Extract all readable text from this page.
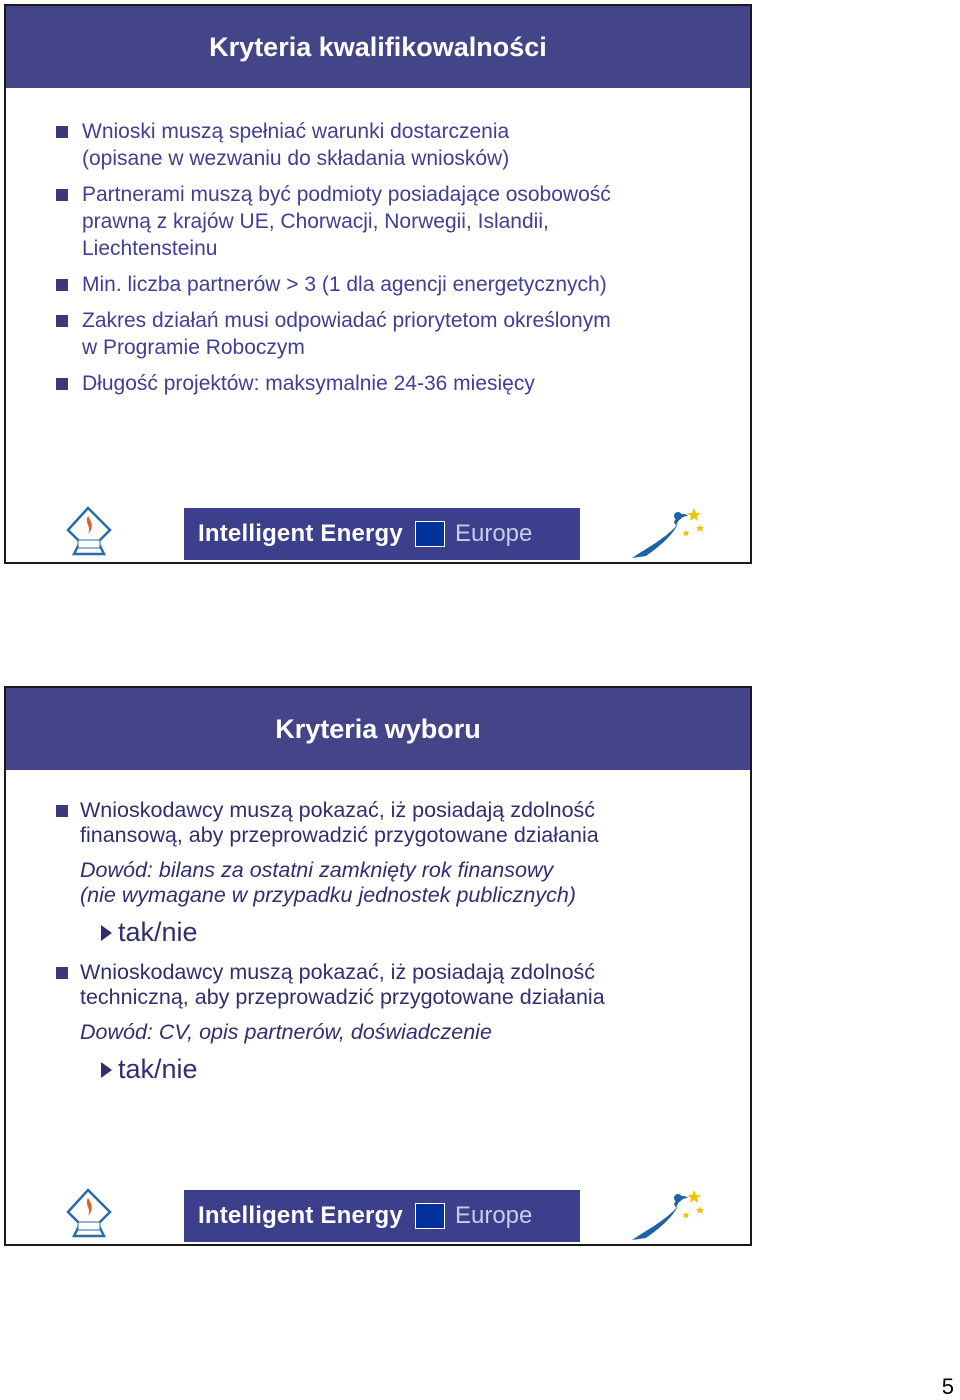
Kryteria kwalifikowalności
Wnioski muszą spełniać warunki dostarczenia
(opisane w wezwaniu do składania wniosków)
Partnerami muszą być podmioty posiadające osobowość
prawną z krajów UE, Chorwacji, Norwegii, Islandii,
Liechtensteinu
Min. liczba partnerów > 3 (1 dla agencji energetycznych)
Zakres działań musi odpowiadać priorytetom określonym
w Programie Roboczym
Długość projektów: maksymalnie 24-36 miesięcy
Intelligent Energy Europe
Kryteria wyboru
Wnioskodawcy muszą pokazać, iż posiadają zdolność
finansową, aby przeprowadzić przygotowane działania
Dowód: bilans za ostatni zamknięty rok finansowy
(nie wymagane w przypadku jednostek publicznych)
tak/nie
Wnioskodawcy muszą pokazać, iż posiadają zdolność
techniczną, aby przeprowadzić przygotowane działania
Dowód: CV, opis partnerów, doświadczenie
tak/nie
Intelligent Energy Europe
5
